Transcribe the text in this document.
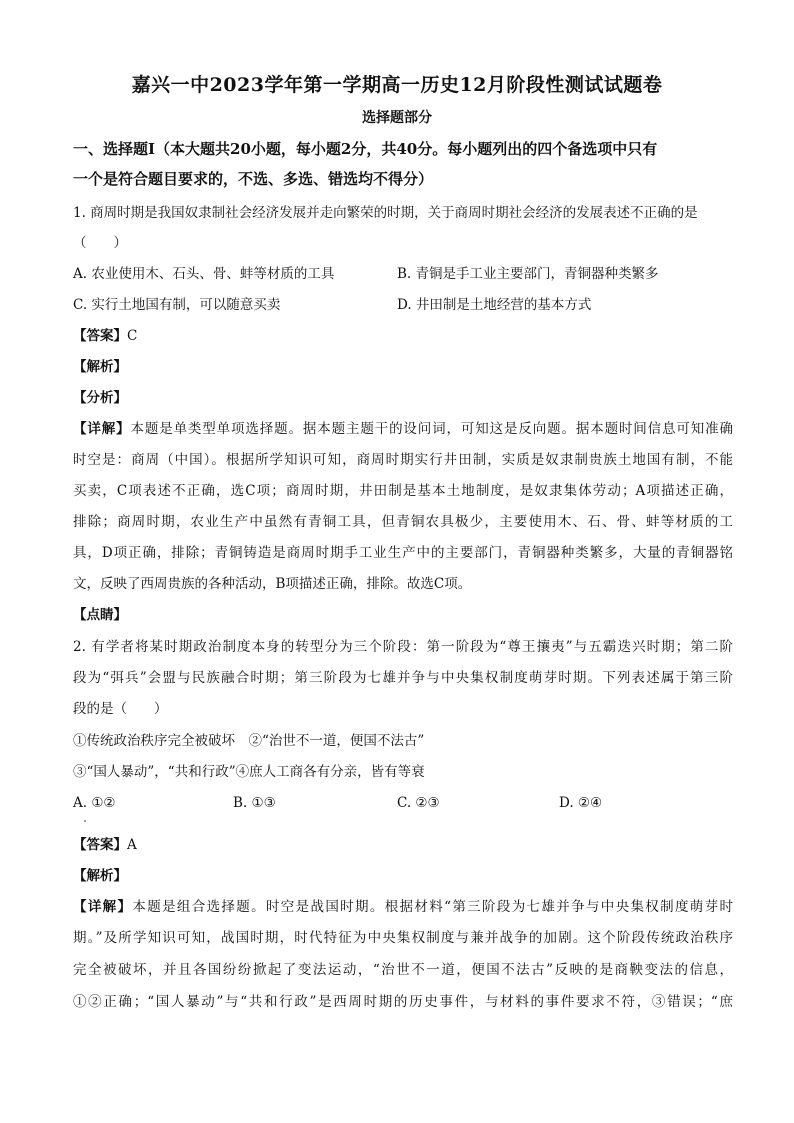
嘉兴一中2023学年第一学期高一历史12月阶段性测试试题卷
选择题部分
一、选择题Ⅰ（本大题共20小题，每小题2分，共40分。每小题列出的四个备选项中只有
一个是符合题目要求的，不选、多选、错选均不得分）
1. 商周时期是我国奴隶制社会经济发展并走向繁荣的时期，关于商周时期社会经济的发展表述不正确的是
（　　）
A. 农业使用木、石头、骨、蚌等材质的工具	B. 青铜是手工业主要部门，青铜器种类繁多
C. 实行土地国有制，可以随意买卖	D. 井田制是土地经营的基本方式
【答案】C
【解析】
【分析】
【详解】本题是单类型单项选择题。据本题主题干的设问词，可知这是反向题。据本题时间信息可知准确
时空是：商周（中国）。根据所学知识可知，商周时期实行井田制，实质是奴隶制贵族土地国有制，不能
买卖，C项表述不正确，选C项；商周时期，井田制是基本土地制度，是奴隶集体劳动；A项描述正确，
排除；商周时期，农业生产中虽然有青铜工具，但青铜农具极少，主要使用木、石、骨、蚌等材质的工
具，D项正确，排除；青铜铸造是商周时期手工业生产中的主要部门，青铜器种类繁多，大量的青铜器铭
文，反映了西周贵族的各种活动，B项描述正确，排除。故选C项。
【点睛】
2. 有学者将某时期政治制度本身的转型分为三个阶段：第一阶段为“尊王攘夷”与五霸迭兴时期；第二阶
段为“弭兵”会盟与民族融合时期；第三阶段为七雄并争与中央集权制度萌芽时期。下列表述属于第三阶
段的是（　　）
①传统政治秩序完全被破坏　②“治世不一道，便国不法古”
③“国人暴动”，“共和行政”④庶人工商各有分亲，皆有等衰
A. ①②	B. ①③	C. ②③	D. ②④
【答案】A
【解析】
【详解】本题是组合选择题。时空是战国时期。根据材料“第三阶段为七雄并争与中央集权制度萌芽时
期。”及所学知识可知，战国时期，时代特征为中央集权制度与兼并战争的加剧。这个阶段传统政治秩序
完全被破坏，并且各国纷纷掀起了变法运动，“治世不一道，便国不法古”反映的是商鞅变法的信息，
①②正确；“国人暴动”与“共和行政”是西周时期的历史事件，与材料的事件要求不符，③错误；“庶
